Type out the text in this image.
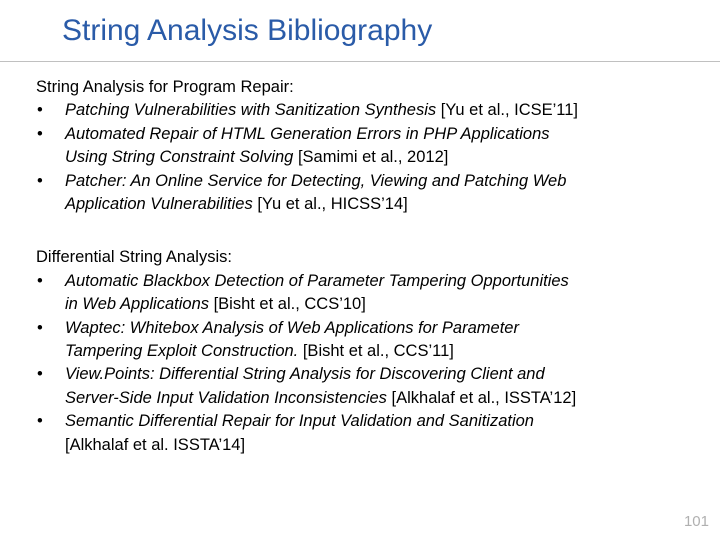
String Analysis Bibliography

String Analysis for Program Repair:

• Patching Vulnerabilities with Sanitization Synthesis [Yu et al., ICSE’11]
• Automated Repair of HTML Generation Errors in PHP Applications
Using String Constraint Solving [Samimi et al., 2012]
• Patcher: An Online Service for Detecting, Viewing and Patching Web
Application Vulnerabilities [Yu et al., HICSS’14]

Differential String Analysis:

• Automatic Blackbox Detection of Parameter Tampering Opportunities
in Web Applications [Bisht et al., CCS’10]
• Waptec: Whitebox Analysis of Web Applications for Parameter
Tampering Exploit Construction. [Bisht et al., CCS’11]
• View.Points: Differential String Analysis for Discovering Client and
Server-Side Input Validation Inconsistencies [Alkhalaf et al., ISSTA’12]
• Semantic Differential Repair for Input Validation and Sanitization
[Alkhalaf et al. ISSTA’14]
101
